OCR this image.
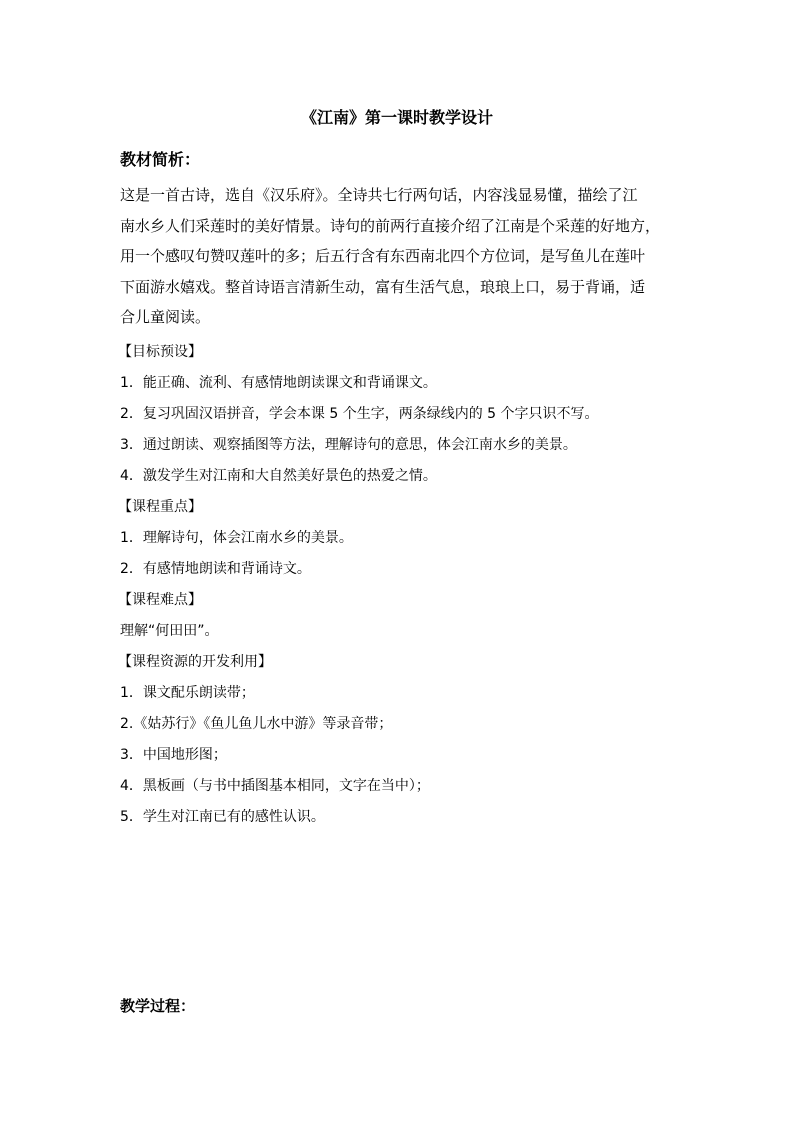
《江南》第一课时教学设计
教材简析：
这是一首古诗，选自《汉乐府》。全诗共七行两句话，内容浅显易懂，描绘了江
南水乡人们采莲时的美好情景。诗句的前两行直接介绍了江南是个采莲的好地方，
用一个感叹句赞叹莲叶的多；后五行含有东西南北四个方位词，是写鱼儿在莲叶
下面游水嬉戏。整首诗语言清新生动，富有生活气息，琅琅上口，易于背诵，适
合儿童阅读。
【目标预设】
1．能正确、流利、有感情地朗读课文和背诵课文。
2．复习巩固汉语拼音，学会本课 5 个生字，两条绿线内的 5 个字只识不写。
3．通过朗读、观察插图等方法，理解诗句的意思，体会江南水乡的美景。
4．激发学生对江南和大自然美好景色的热爱之情。
【课程重点】
1．理解诗句，体会江南水乡的美景。
2．有感情地朗读和背诵诗文。
【课程难点】
理解“何田田”。
【课程资源的开发利用】
1．课文配乐朗读带；
2.《姑苏行》《鱼儿鱼儿水中游》等录音带；
3．中国地形图；
4．黑板画（与书中插图基本相同，文字在当中）；
5．学生对江南已有的感性认识。
教学过程：
